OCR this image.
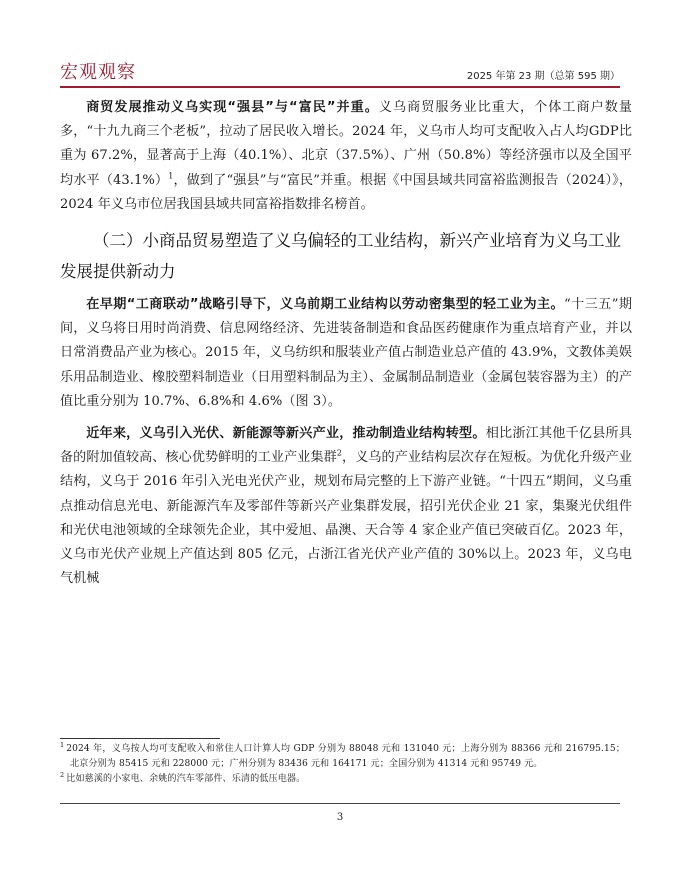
宏观观察	2025 年第 23 期（总第 595 期）

商贸发展推动义乌实现“强县”与“富民”并重。义乌商贸服务业比重大，个体工商户数量多，“十九九商三个老板”，拉动了居民收入增长。2024 年，义乌市人均可支配收入占人均GDP比重为 67.2%，显著高于上海（40.1%）、北京（37.5%）、广州（50.8%）等经济强市以及全国平均水平$(43.1\%)^1$，做到了“强县”与“富民”并重。根据《中国县域共同富裕监测报告（2024）》，2024 年义乌市位居我国县域共同富裕指数排名榜首。

（二）小商品贸易塑造了义乌偏轻的工业结构，新兴产业培育为义乌工业发展提供新动力

在早期“工商联动”战略引导下，义乌前期工业结构以劳动密集型的轻工业为主。“十三五”期间，义乌将日用时尚消费、信息网络经济、先进装备制造和食品医药健康作为重点培育产业，并以日常消费品产业为核心。2015 年，义乌纺织和服装业产值占制造业总产值的 43.9%，文教体美娱乐用品制造业、橡胶塑料制造业（日用塑料制品为主）、金属制品制造业（金属包装容器为主）的产值比重分别为 10.7%、6.8%和 4.6%（图 3）。

近年来，义乌引入光伏、新能源等新兴产业，推动制造业结构转型。相比浙江其他千亿县所具备的附加值较高、核心优势鲜明的工业产业集群$^2$，义乌的产业结构层次存在短板。为优化升级产业结构，义乌于 2016 年引入光电光伏产业，规划布局完整的上下游产业链。“十四五”期间，义乌重点推动信息光电、新能源汽车及零部件等新兴产业集群发展，招引光伏企业 21 家，集聚光伏组件和光伏电池领域的全球领先企业，其中爱旭、晶澳、天合等 4 家企业产值已突破百亿。2023 年，义乌市光伏产业规上产值达到 805 亿元，占浙江省光伏产业产值的 30%以上。2023 年，义乌电气机械

$^1$ 2024 年，义乌按人均可支配收入和常住人口计算人均 GDP 分别为 88048 元和 131040 元；上海分别为 88366 元和 216795.15；北京分别为 85415 元和 228000 元；广州分别为 83436 元和 164171 元；全国分别为 41314 元和 95749 元。

$^2$ 比如慈溪的小家电、余姚的汽车零部件、乐清的低压电器。

3
